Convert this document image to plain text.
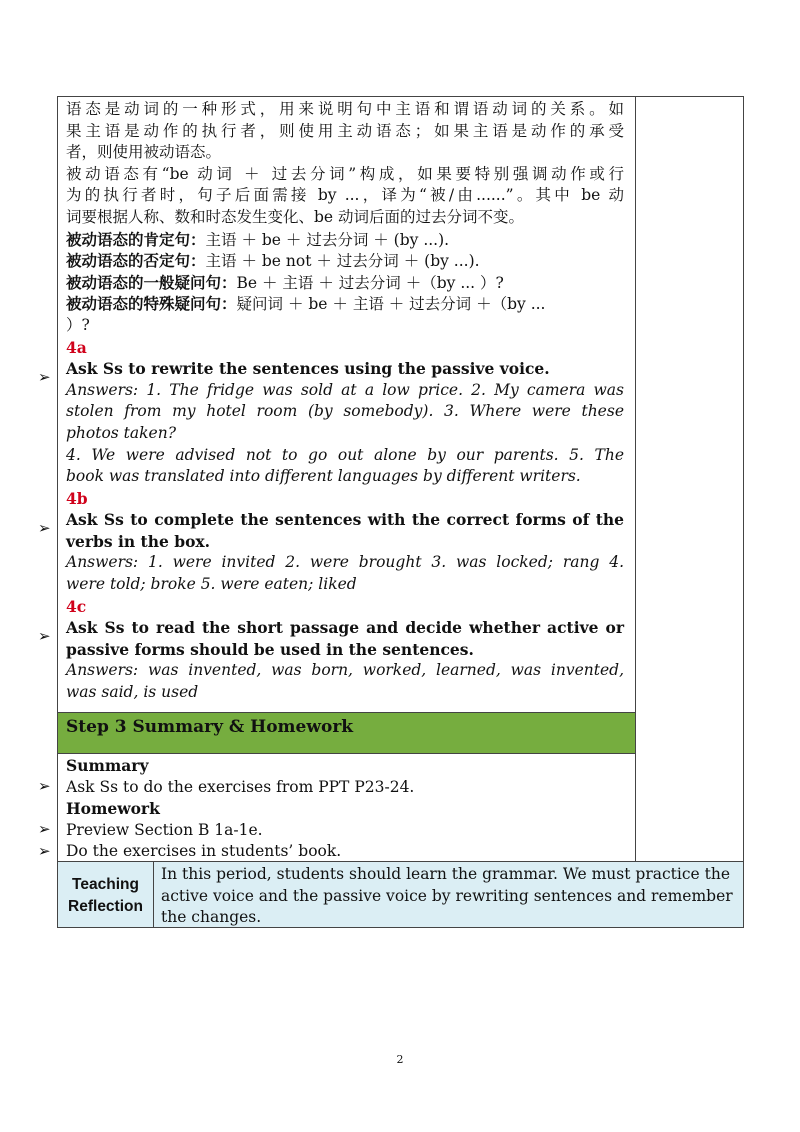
语态是动词的一种形式，用来说明句中主语和谓语动词的关系。如
果主语是动作的执行者，则使用主动语态；如果主语是动作的承受
者，则使用被动语态。
被动语态有“be 动词 ＋ 过去分词”构成，如果要特别强调动作或行
为的执行者时，句子后面需接 by ...，译为“被/由......”。其中 be 动
词要根据人称、数和时态发生变化、be 动词后面的过去分词不变。
被动语态的肯定句：主语 ＋ be ＋ 过去分词 ＋ (by ...).
被动语态的否定句：主语 ＋ be not ＋ 过去分词 ＋ (by ...).
被动语态的一般疑问句：Be ＋ 主语 ＋ 过去分词 ＋（by ... ）?
被动语态的特殊疑问句：疑问词 ＋ be ＋ 主语 ＋ 过去分词 ＋（by ...
）?
4a
Ask Ss to rewrite the sentences using the passive voice.
Answers: 1. The fridge was sold at a low price. 2. My camera was
stolen from my hotel room (by somebody). 3. Where were these
photos taken?
4. We were advised not to go out alone by our parents. 5. The
book was translated into different languages by different writers.
4b
Ask Ss to complete the sentences with the correct forms of the
verbs in the box.
Answers: 1. were invited 2. were brought 3. was locked; rang 4.
were told; broke 5. were eaten; liked
4c
Ask Ss to read the short passage and decide whether active or
passive forms should be used in the sentences.
Answers: was invented, was born, worked, learned, was invented,
was said, is used
➢
➢
➢
Step 3 Summary & Homework
Summary
Ask Ss to do the exercises from PPT P23-24.
Homework
Preview Section B 1a-1e.
Do the exercises in students’ book.
➢
➢
➢
Teaching
Reflection
In this period, students should learn the grammar. We must practice the active voice and the passive voice by rewriting sentences and remember the changes.
2
